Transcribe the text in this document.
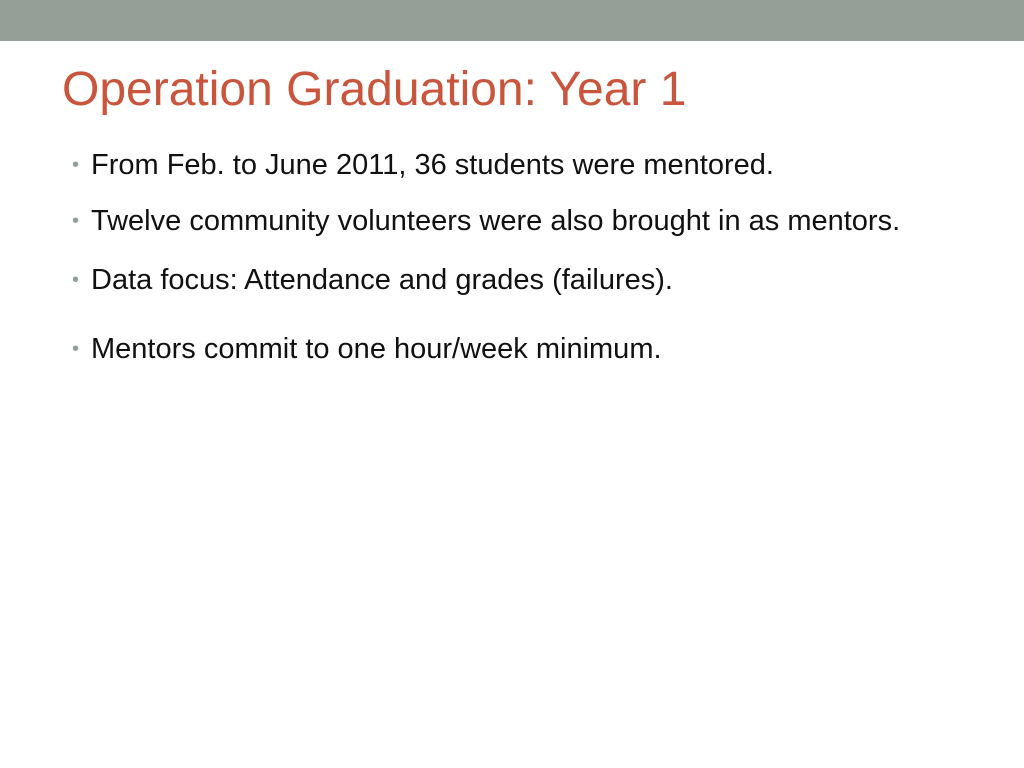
Operation Graduation: Year 1
• From Feb. to June 2011, 36 students were mentored.
• Twelve community volunteers were also brought in as mentors.
• Data focus: Attendance and grades (failures).
• Mentors commit to one hour/week minimum.
